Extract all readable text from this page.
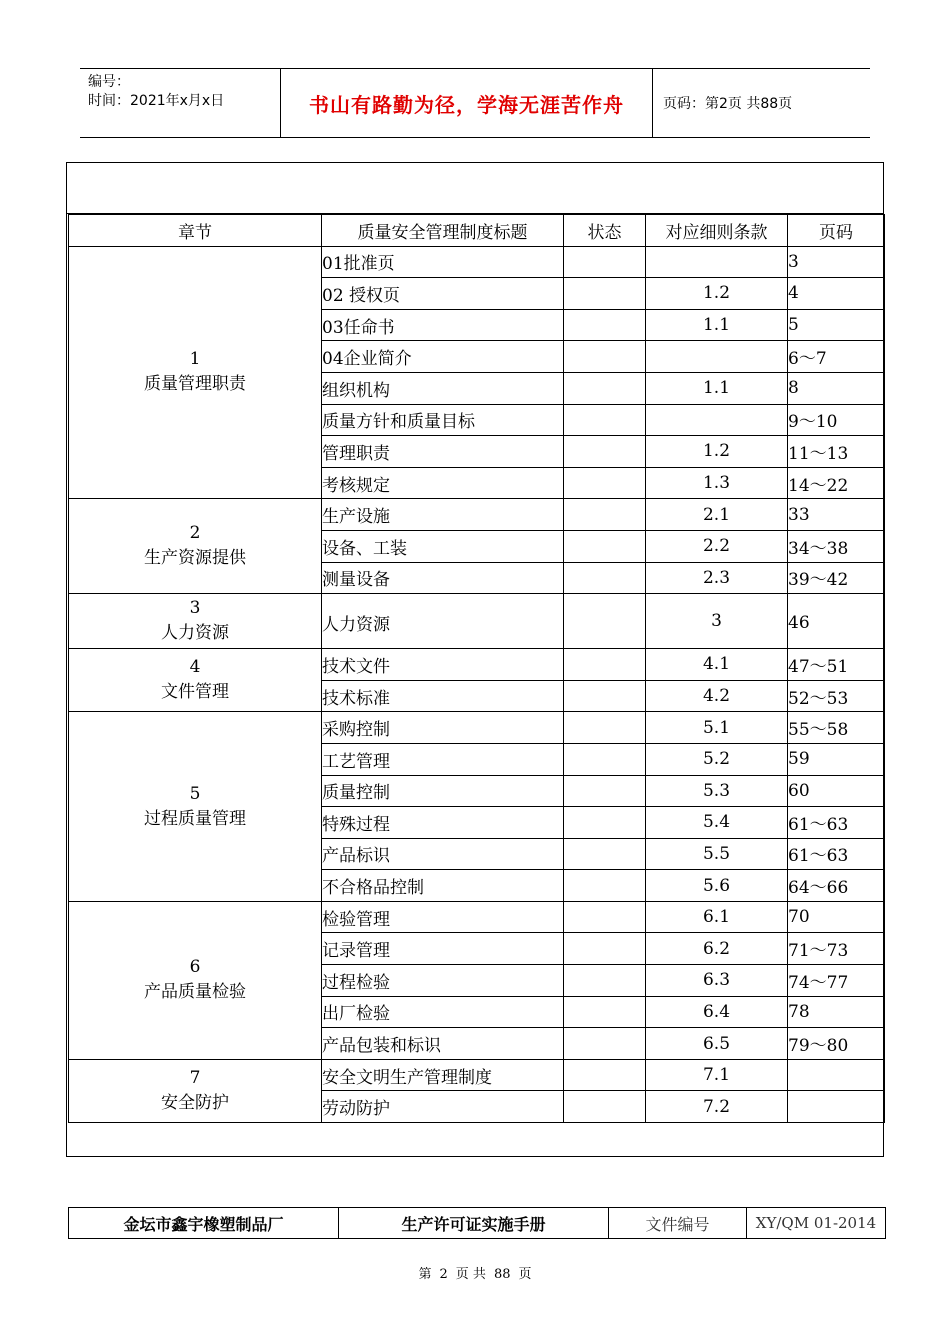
编号：
时间：2021年x月x日	书山有路勤为径，学海无涯苦作舟	页码：第2页 共88页
章节	质量安全管理制度标题	状态	对应细则条款	页码

1
质量管理职责	01批准页			3
	02 授权页		1.2	4
	03任命书		1.1	5
	04企业简介			6～7
	组织机构		1.1	8
	质量方针和质量目标			9～10
	管理职责		1.2	11～13
	考核规定		1.3	14～22

2
生产资源提供	生产设施		2.1	33
	设备、工装		2.2	34～38
	测量设备		2.3	39～42

3
人力资源	人力资源		3	46

4
文件管理	技术文件		4.1	47～51
	技术标准		4.2	52～53

5
过程质量管理	采购控制		5.1	55～58
	工艺管理		5.2	59
	质量控制		5.3	60
	特殊过程		5.4	61～63
	产品标识		5.5	61～63
	不合格品控制		5.6	64～66

6
产品质量检验	检验管理		6.1	70
	记录管理		6.2	71～73
	过程检验		6.3	74～77
	出厂检验		6.4	78
	产品包装和标识		6.5	79～80

7
安全防护	安全文明生产管理制度		7.1	
	劳动防护		7.2	
金坛市鑫宇橡塑制品厂	生产许可证实施手册	文件编号	XY/QM 01-2014
第 2 页 共 88 页
